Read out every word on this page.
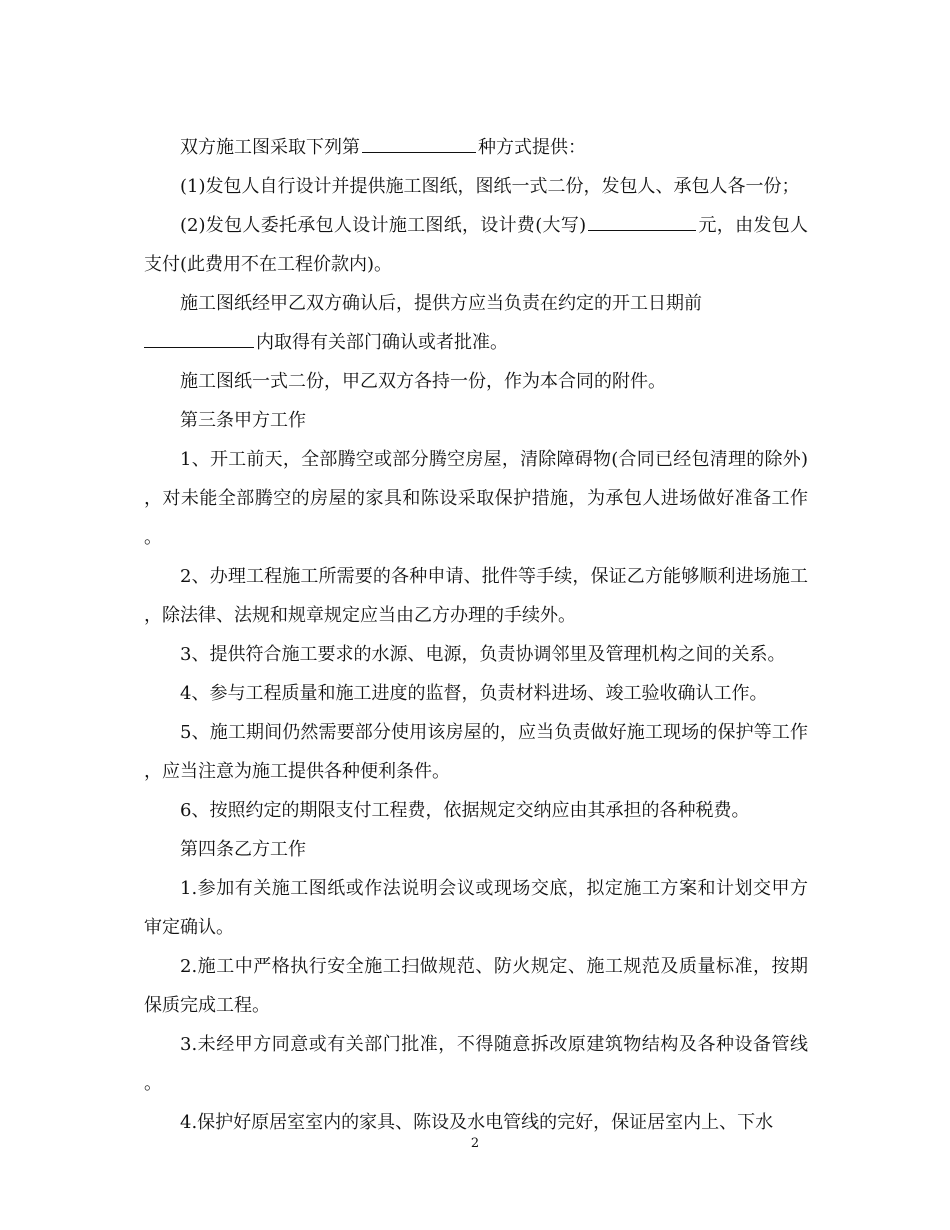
双方施工图采取下列第	种方式提供：

(1)发包人自行设计并提供施工图纸，图纸一式二份，发包人、承包人各一份；

(2)发包人委托承包人设计施工图纸，设计费(大写)	元，由发包人支付(此费用不在工程价款内)。

施工图纸经甲乙双方确认后，提供方应当负责在约定的开工日期前

内取得有关部门确认或者批准。

施工图纸一式二份，甲乙双方各持一份，作为本合同的附件。

第三条甲方工作

1、开工前天，全部腾空或部分腾空房屋，清除障碍物(合同已经包清理的除外)，对未能全部腾空的房屋的家具和陈设采取保护措施，为承包人进场做好准备工作。

2、办理工程施工所需要的各种申请、批件等手续，保证乙方能够顺利进场施工，除法律、法规和规章规定应当由乙方办理的手续外。

3、提供符合施工要求的水源、电源，负责协调邻里及管理机构之间的关系。

4、参与工程质量和施工进度的监督，负责材料进场、竣工验收确认工作。

5、施工期间仍然需要部分使用该房屋的，应当负责做好施工现场的保护等工作，应当注意为施工提供各种便利条件。

6、按照约定的期限支付工程费，依据规定交纳应由其承担的各种税费。

第四条乙方工作

1.参加有关施工图纸或作法说明会议或现场交底，拟定施工方案和计划交甲方审定确认。

2.施工中严格执行安全施工扫做规范、防火规定、施工规范及质量标准，按期保质完成工程。

3.未经甲方同意或有关部门批准，不得随意拆改原建筑物结构及各种设备管线。

4.保护好原居室室内的家具、陈设及水电管线的完好，保证居室内上、下水

2
